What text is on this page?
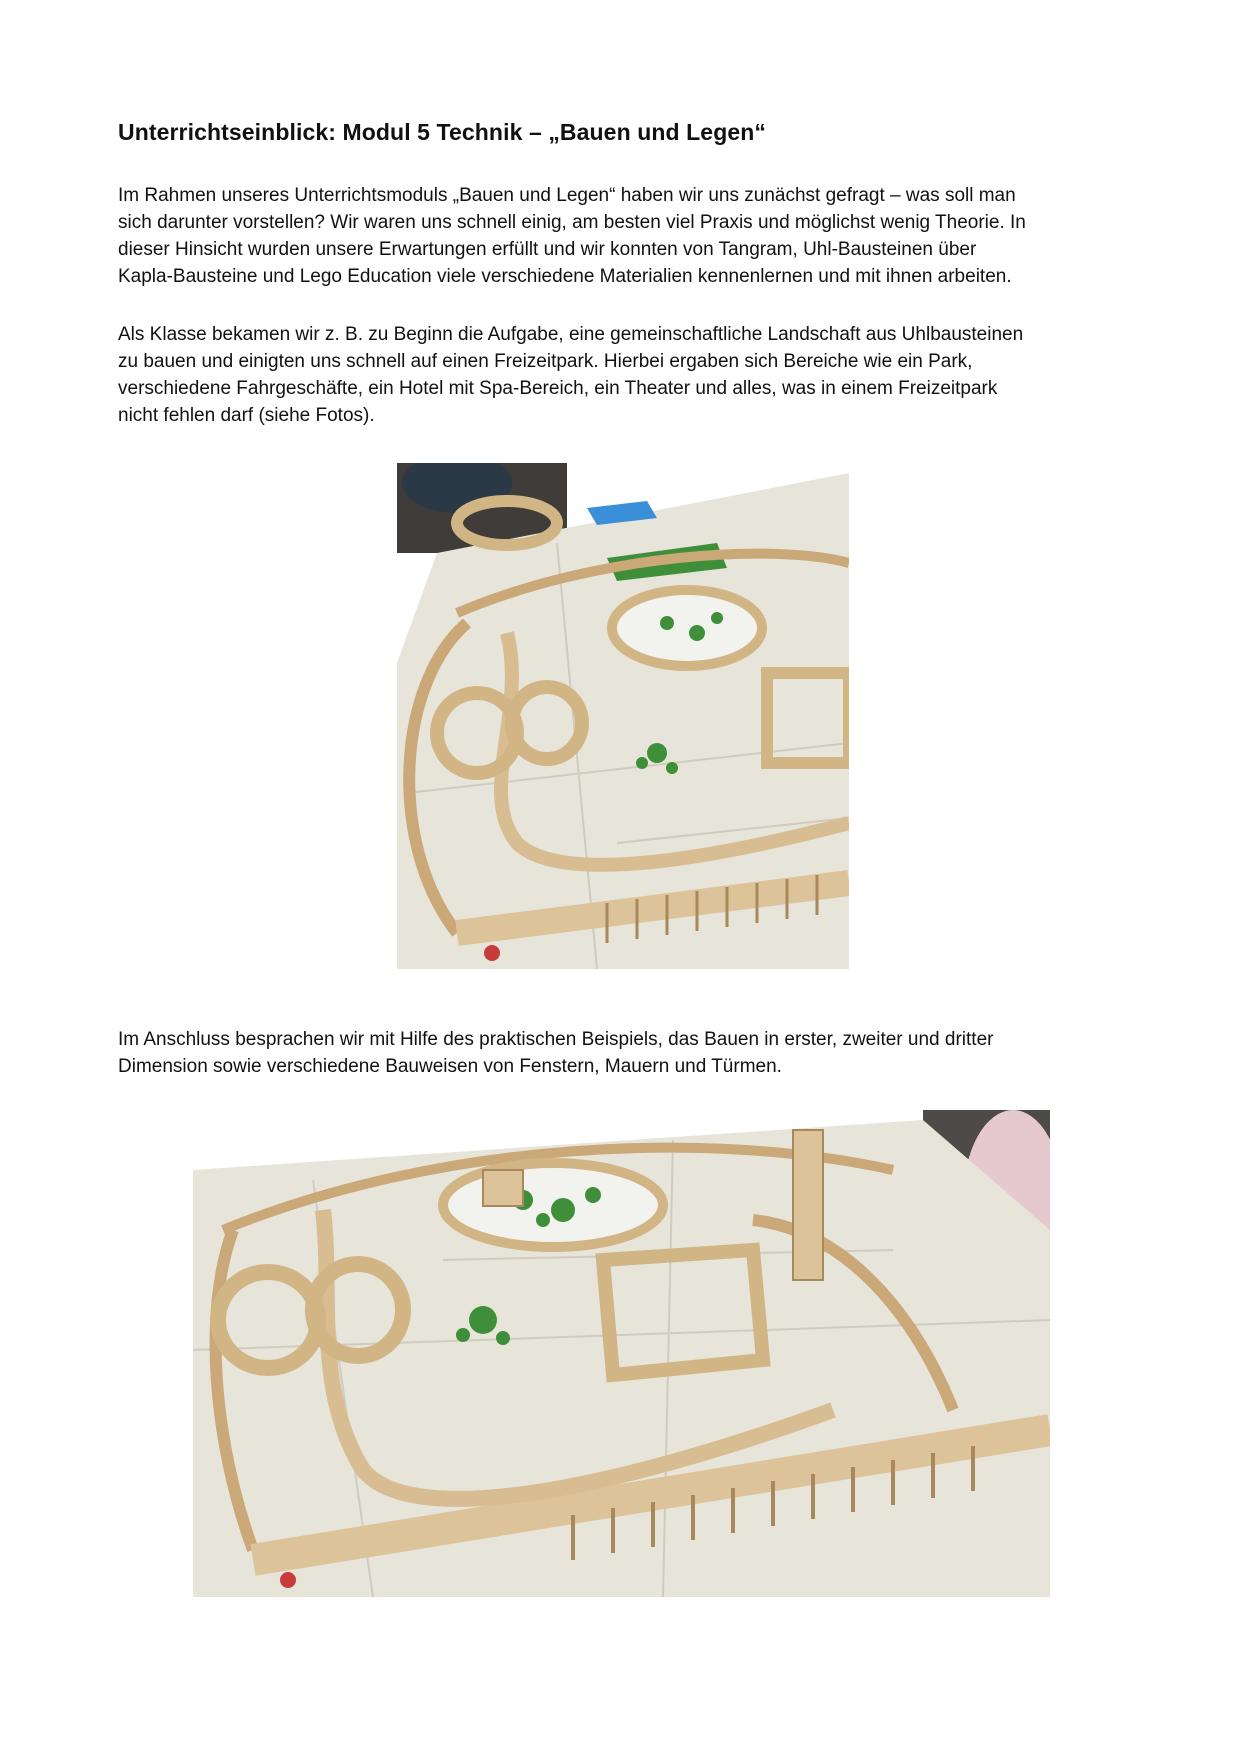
Unterrichtseinblick: Modul 5 Technik – „Bauen und Legen“
Im Rahmen unseres Unterrichtsmoduls „Bauen und Legen“ haben wir uns zunächst gefragt – was soll man
sich darunter vorstellen? Wir waren uns schnell einig, am besten viel Praxis und möglichst wenig Theorie. In
dieser Hinsicht wurden unsere Erwartungen erfüllt und wir konnten von Tangram, Uhl-Bausteinen über
Kapla-Bausteine und Lego Education viele verschiedene Materialien kennenlernen und mit ihnen arbeiten.
Als Klasse bekamen wir z. B. zu Beginn die Aufgabe, eine gemeinschaftliche Landschaft aus Uhlbausteinen
zu bauen und einigten uns schnell auf einen Freizeitpark. Hierbei ergaben sich Bereiche wie ein Park,
verschiedene Fahrgeschäfte, ein Hotel mit Spa-Bereich, ein Theater und alles, was in einem Freizeitpark
nicht fehlen darf (siehe Fotos).
Im Anschluss besprachen wir mit Hilfe des praktischen Beispiels, das Bauen in erster, zweiter und dritter
Dimension sowie verschiedene Bauweisen von Fenstern, Mauern und Türmen.
